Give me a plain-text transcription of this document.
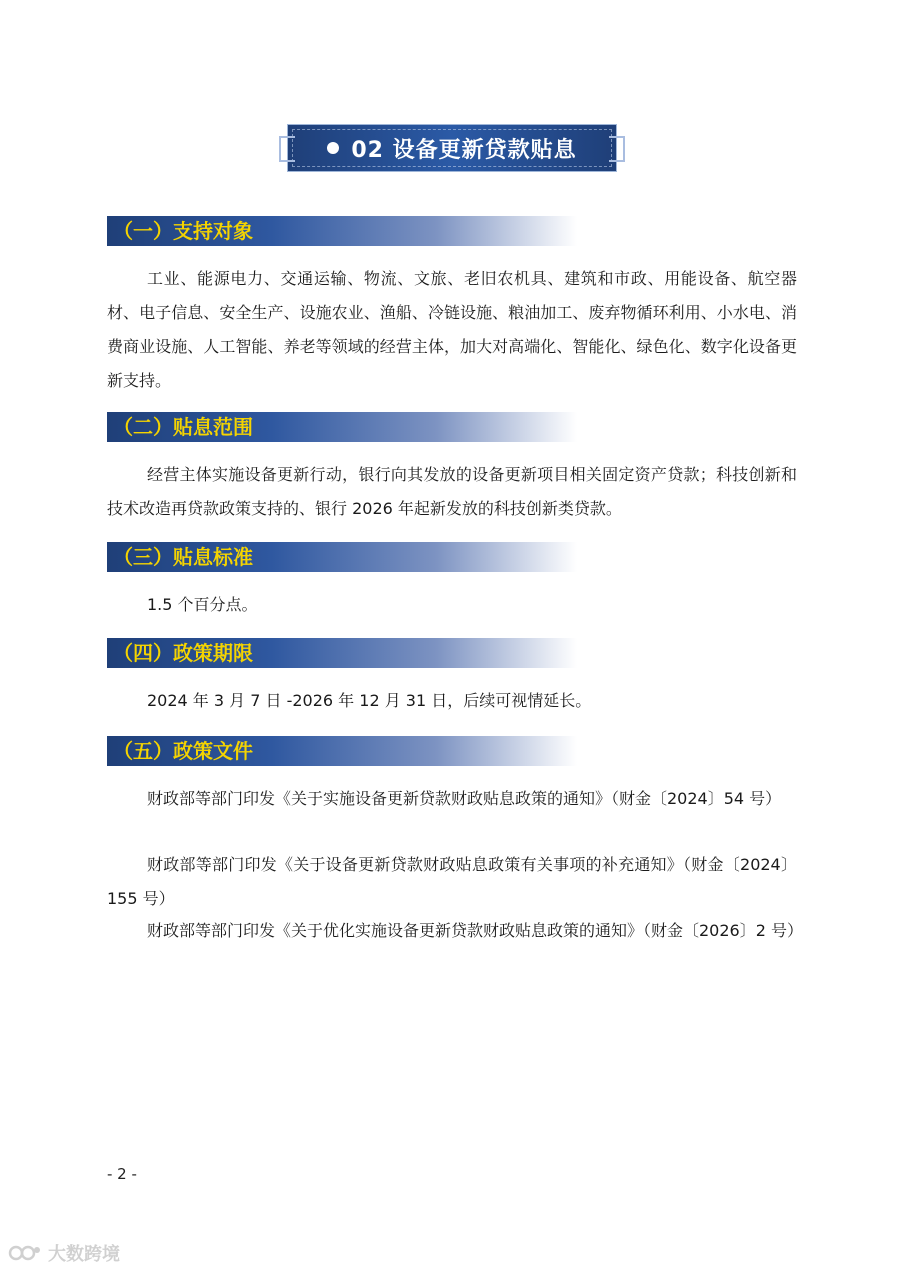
02 设备更新贷款贴息
（一）支持对象
工业、能源电力、交通运输、物流、文旅、老旧农机具、建筑和市政、用能设备、航空器材、电子信息、安全生产、设施农业、渔船、冷链设施、粮油加工、废弃物循环利用、小水电、消费商业设施、人工智能、养老等领域的经营主体，加大对高端化、智能化、绿色化、数字化设备更新支持。
（二）贴息范围
经营主体实施设备更新行动，银行向其发放的设备更新项目相关固定资产贷款；科技创新和技术改造再贷款政策支持的、银行 2026 年起新发放的科技创新类贷款。
（三）贴息标准
1.5 个百分点。
（四）政策期限
2024 年 3 月 7 日 -2026 年 12 月 31 日，后续可视情延长。
（五）政策文件
财政部等部门印发《关于实施设备更新贷款财政贴息政策的通知》（财金〔2024〕54 号）
财政部等部门印发《关于设备更新贷款财政贴息政策有关事项的补充通知》（财金〔2024〕155 号）
财政部等部门印发《关于优化实施设备更新贷款财政贴息政策的通知》（财金〔2026〕2 号）
- 2 -
大数跨境
